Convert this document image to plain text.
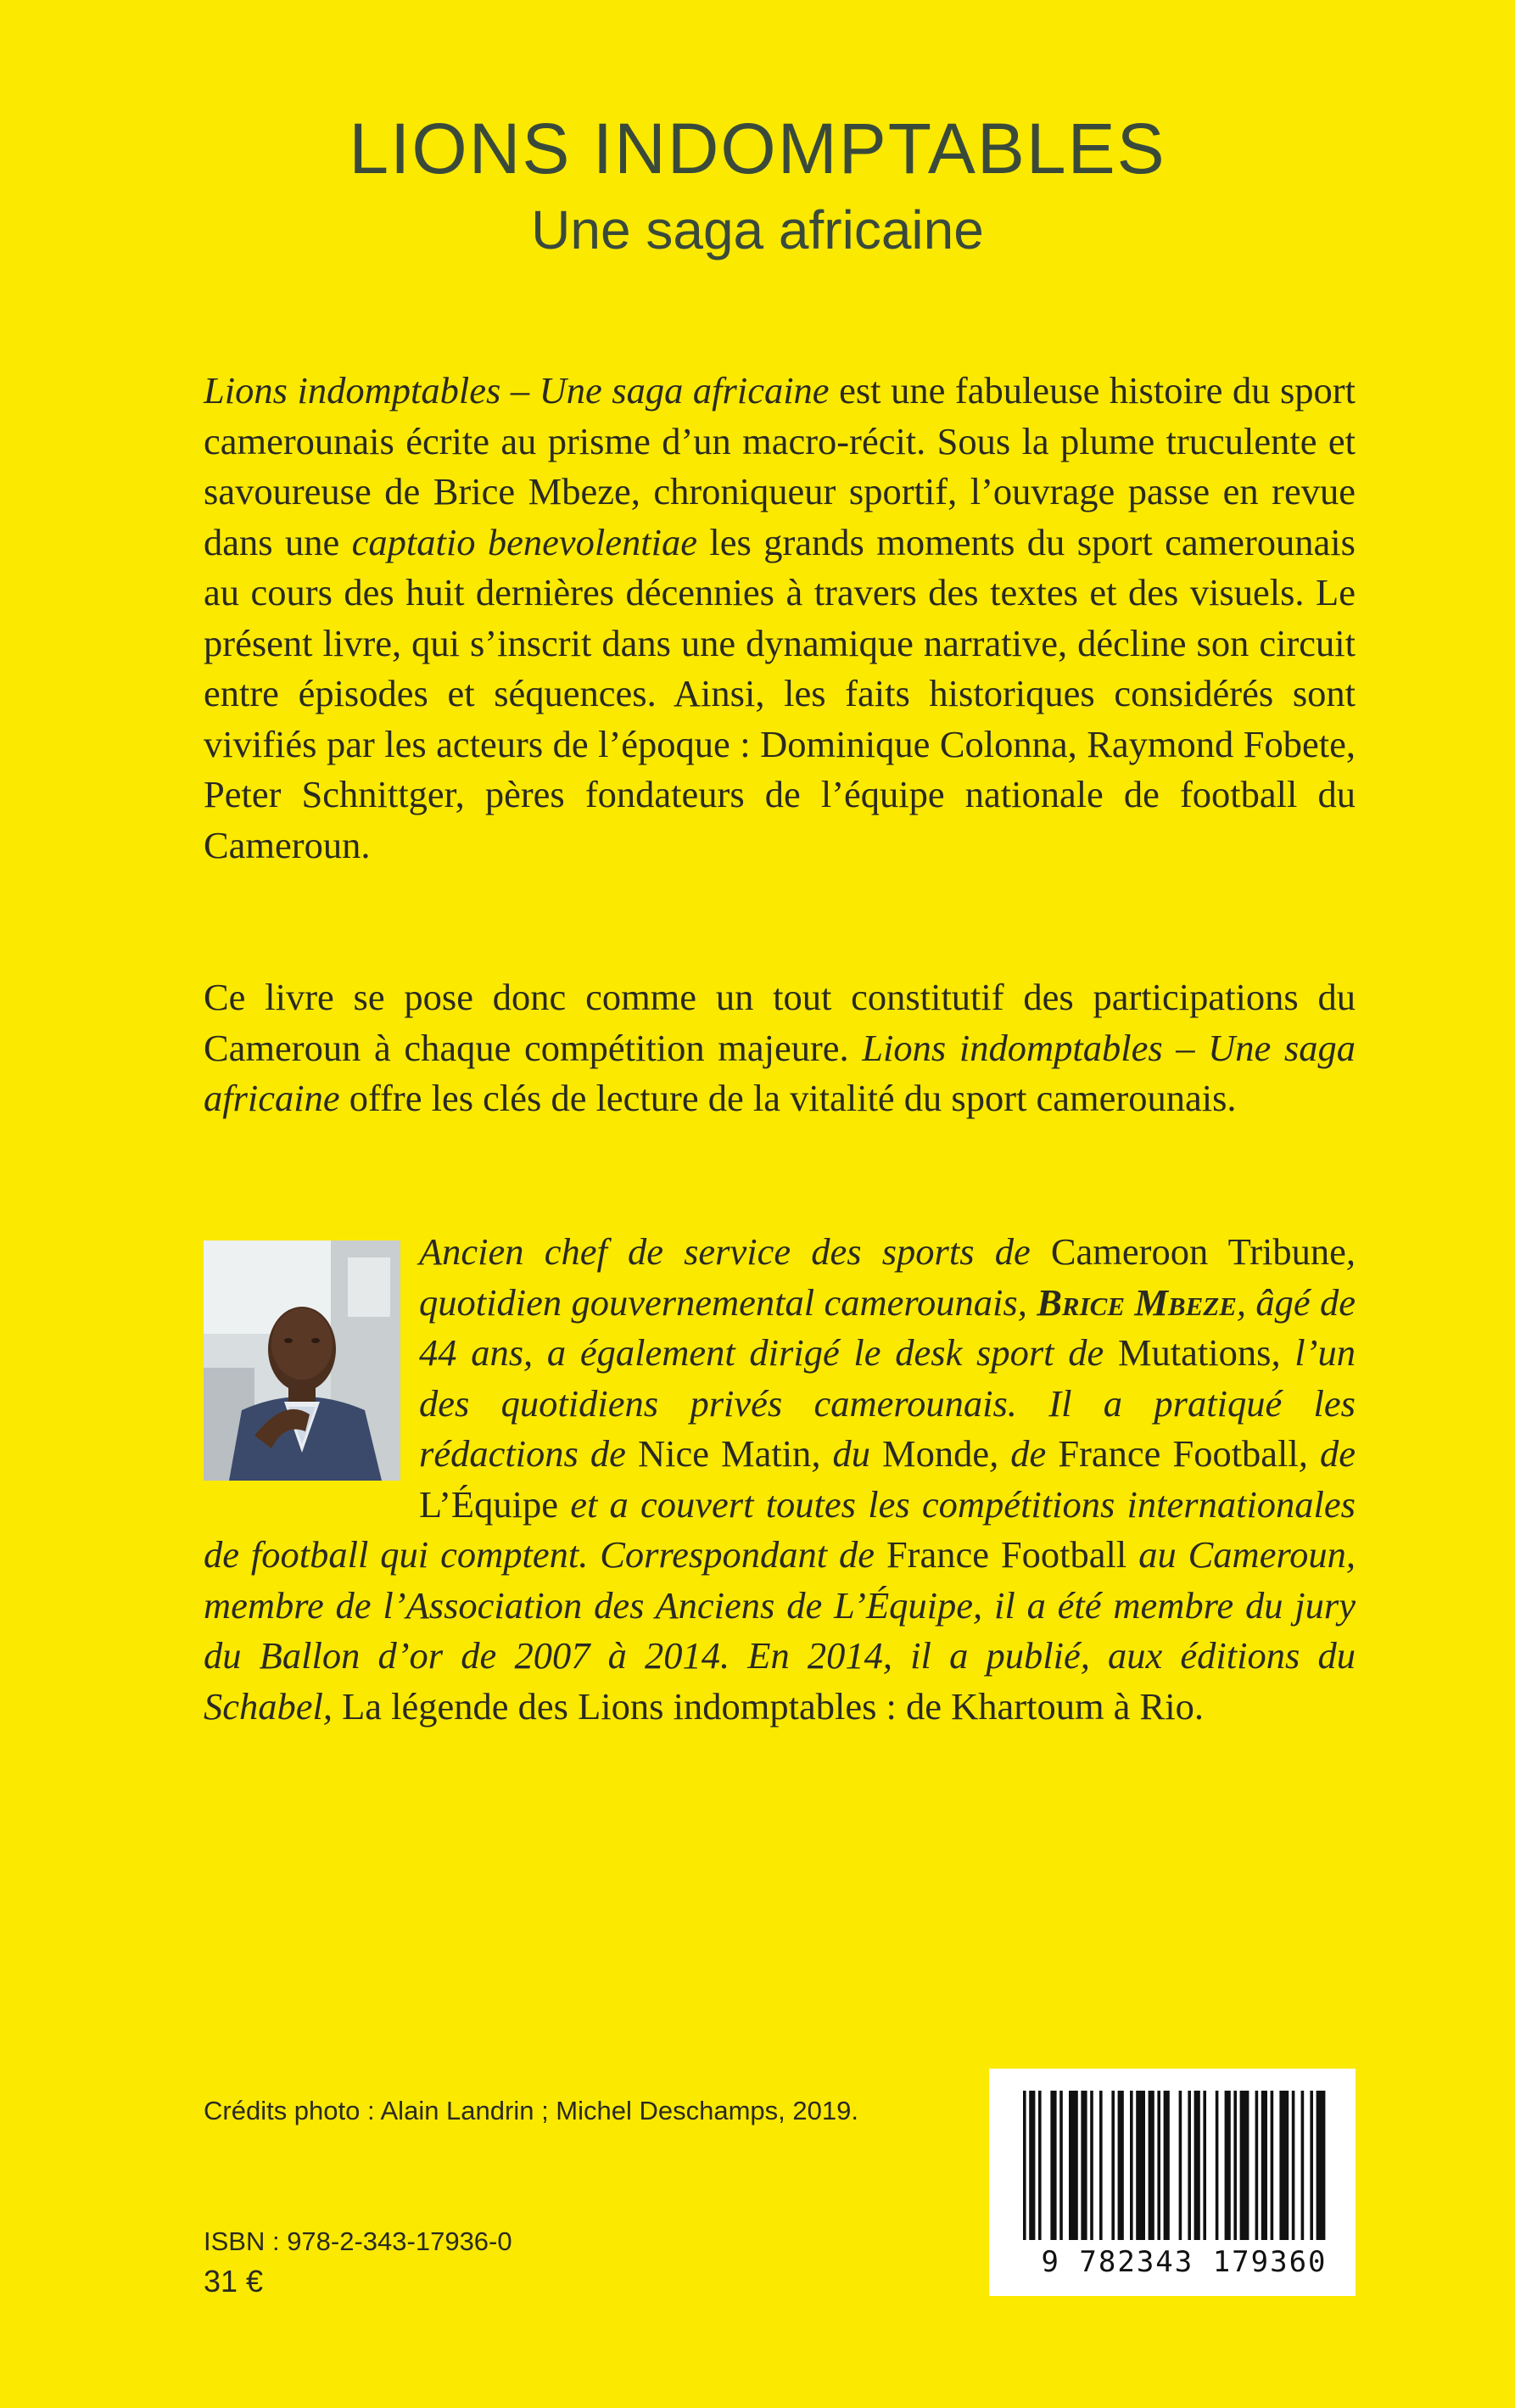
LIONS INDOMPTABLES
Une saga africaine
Lions indomptables – Une saga africaine est une fabuleuse histoire du sport camerounais écrite au prisme d’un macro-récit. Sous la plume truculente et savoureuse de Brice Mbeze, chroniqueur sportif, l’ouvrage passe en revue dans une captatio benevolentiae les grands moments du sport camerounais au cours des huit dernières décennies à travers des textes et des visuels. Le présent livre, qui s’inscrit dans une dynamique narrative, décline son circuit entre épisodes et séquences. Ainsi, les faits historiques considérés sont vivifiés par les acteurs de l’époque : Dominique Colonna, Raymond Fobete, Peter Schnittger, pères fondateurs de l’équipe nationale de football du Cameroun.
Ce livre se pose donc comme un tout constitutif des participations du Cameroun à chaque compétition majeure. Lions indomptables – Une saga africaine offre les clés de lecture de la vitalité du sport camerounais.
Ancien chef de service des sports de Cameroon Tribune, quotidien gouvernemental camerounais, Brice Mbeze, âgé de 44 ans, a également dirigé le desk sport de Mutations, l’un des quotidiens privés camerounais. Il a pratiqué les rédactions de Nice Matin, du Monde, de France Football, de L’Équipe et a couvert toutes les compétitions internationales de football qui comptent. Correspondant de France Football au Cameroun, membre de l’Association des Anciens de L’Équipe, il a été membre du jury du Ballon d’or de 2007 à 2014. En 2014, il a publié, aux éditions du Schabel, La légende des Lions indomptables : de Khartoum à Rio.
Crédits photo : Alain Landrin ; Michel Deschamps, 2019.
ISBN : 978-2-343-17936-0
31 €
9 782343 179360
